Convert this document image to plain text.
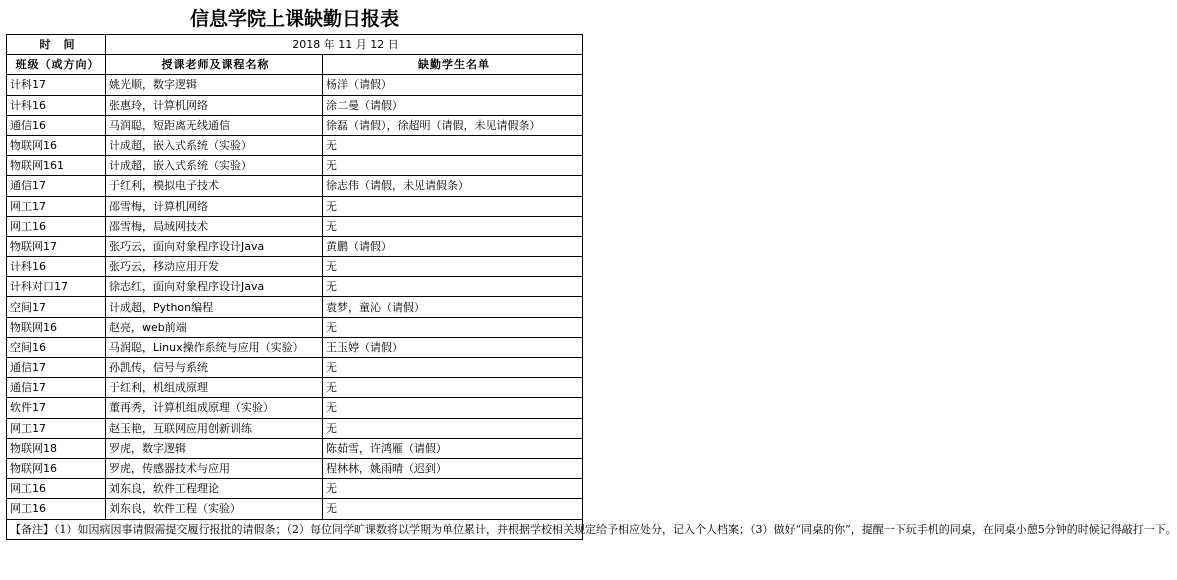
信息学院上课缺勤日报表
时　间	2018 年 11 月 12 日	
班级（或方向）	授课老师及课程名称	缺勤学生名单
计科17	姚光顺，数字逻辑	杨洋（请假）
计科16	张惠玲，计算机网络	涂二曼（请假）
通信16	马润聪，短距离无线通信	徐磊（请假），徐超明（请假，未见请假条）
物联网16	计成超，嵌入式系统（实验）	无
物联网161	计成超，嵌入式系统（实验）	无
通信17	于红利，模拟电子技术	徐志伟（请假，未见请假条）
网工17	邵雪梅，计算机网络	无
网工16	邵雪梅，局域网技术	无
物联网17	张巧云，面向对象程序设计Java	黄鹏（请假）
计科16	张巧云，移动应用开发	无
计科对口17	徐志红，面向对象程序设计Java	无
空间17	计成超，Python编程	袁梦，童沁（请假）
物联网16	赵亮，web前端	无
空间16	马润聪，Linux操作系统与应用（实验）	王玉婷（请假）
通信17	孙凯传，信号与系统	无
通信17	于红利，机组成原理	无
软件17	董再秀，计算机组成原理（实验）	无
网工17	赵玉艳，互联网应用创新训练	无
物联网18	罗虎，数字逻辑	陈茹雪，许鸿雁（请假）
物联网16	罗虎，传感器技术与应用	程林林，姚雨晴（迟到）
网工16	刘东良，软件工程理论	无
网工16	刘东良，软件工程（实验）	无
【备注】（1）如因病因事请假需提交履行报批的请假条；（2）每位同学旷课数将以学期为单位累计，并根据学校相关规定给予相应处分，记入个人档案；（3）做好“同桌的你”，提醒一下玩手机的同桌，在同桌小憩5分钟的时候记得敲打一下。		
